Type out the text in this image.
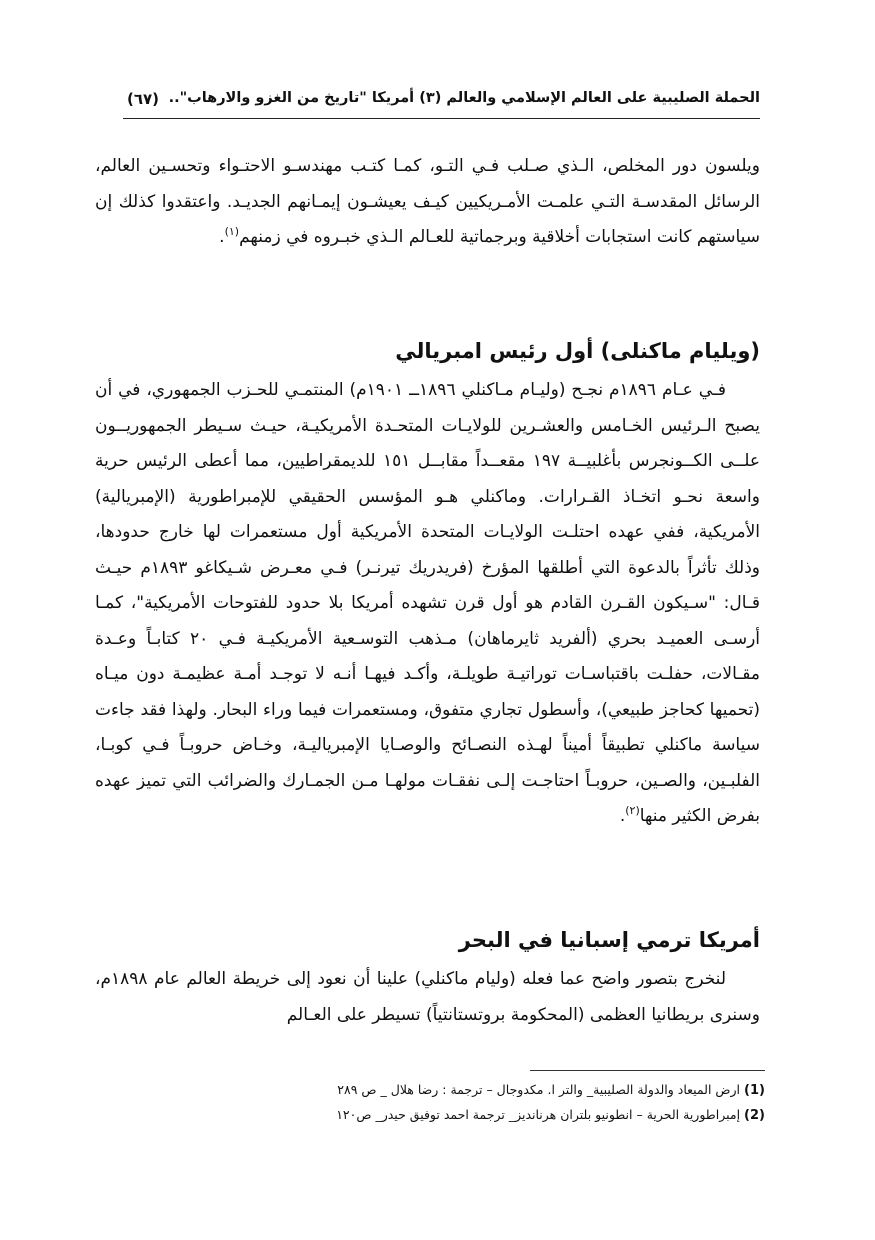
الحملة الصليبية على العالم الإسلامي والعالم (٣) أمريكا "تاريخ من الغزو والارهاب"..
(٦٧)

ويلسون دور المخلص، الـذي صـلب فـي التـو، كمـا كتـب مهندسـو الاحتـواء وتحسـين العالم، الرسائل المقدسـة التـي علمـت الأمـريكيين كيـف يعيشـون إيمـانهم الجديـد. واعتقدوا كذلك إن سياستهم كانت استجابات أخلاقية وبرجماتية للعـالم الـذي خبـروه في زمنهم$^{(١)}$.

(ويليام ماكنلى) أول رئيس امبريالي

فـي عـام ١٨٩٦م نجـح (وليـام مـاكنلي ١٨٩٦ــ ١٩٠١م) المنتمـي للحـزب الجمهوري، في أن يصبح الـرئيس الخـامس والعشـرين للولايـات المتحـدة الأمريكيـة، حيـث سـيطر الجمهوريــون علــى الكــونجرس بأغلبيــة ١٩٧ مقعــداً مقابــل ١٥١ للديمقراطيين، مما أعطى الرئيس حرية واسعة نحـو اتخـاذ القـرارات. وماكنلي هـو المؤسس الحقيقي للإمبراطورية (الإمبريالية) الأمريكية، ففي عهده احتلـت الولايـات المتحدة الأمريكية أول مستعمرات لها خارج حدودها، وذلك تأثراً بالدعوة التي أطلقها المؤرخ (فريدريك تيرنـر) فـي معـرض شـيكاغو ١٨٩٣م حيـث قـال: "سـيكون القـرن القادم هو أول قرن تشهده أمريكا بلا حدود للفتوحات الأمريكية"، كمـا أرسـى العميـد بحري (ألفريد ثايرماهان) مـذهب التوسـعية الأمريكيـة فـي ٢٠ كتابـاً وعـدة مقـالات، حفلـت باقتباسـات توراتيـة طويلـة، وأكـد فيهـا أنـه لا توجـد أمـة عظيمـة دون ميـاه (تحميها كحاجز طبيعي)، وأسطول تجاري متفوق، ومستعمرات فيما وراء البحار. ولهذا فقد جاءت سياسة ماكنلي تطبيقاً أميناً لهـذه النصـائح والوصـايا الإمبرياليـة، وخـاض حروبـاً فـي كوبـا، الفلبـين، والصـين، حروبـاً احتاجـت إلـى نفقـات مولهـا مـن الجمـارك والضرائب التي تميز عهده بفرض الكثير منها$^{(٢)}$.

أمريكا ترمي إسبانيا في البحر

لنخرج بتصور واضح عما فعله (وليام ماكنلي) علينا أن نعود إلى خريطة العالم عام ١٨٩٨م، وسنرى بريطانيا العظمى (المحكومة بروتستانتياً) تسيطر على العـالم

(1)ارض الميعاد والدولة الصليبية_ والتر ا. مكدوجال – ترجمة : رضا هلال _ ص ٢٨٩
(2)إمبراطورية الحرية – انطونيو بلتران هرنانديز_ ترجمة احمد توفيق حيدر_ ص١٢٠
